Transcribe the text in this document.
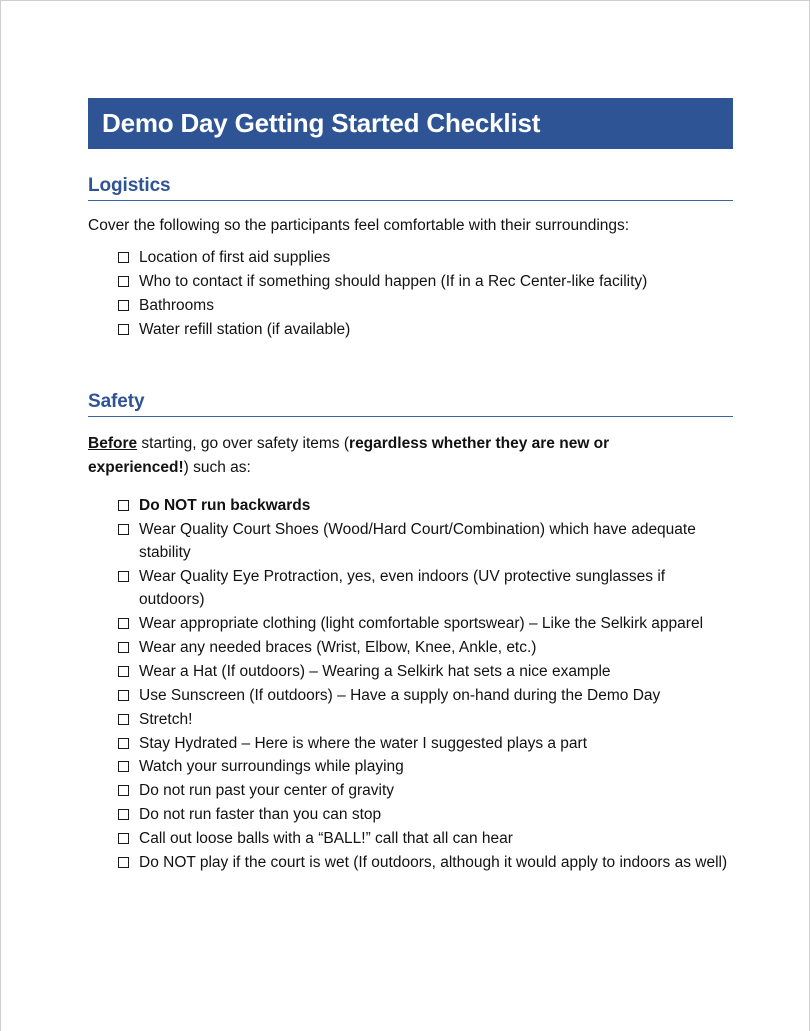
Demo Day Getting Started Checklist
Logistics
Cover the following so the participants feel comfortable with their surroundings:
Location of first aid supplies
Who to contact if something should happen (If in a Rec Center-like facility)
Bathrooms
Water refill station (if available)
Safety
Before starting, go over safety items (regardless whether they are new or experienced!) such as:
Do NOT run backwards
Wear Quality Court Shoes (Wood/Hard Court/Combination) which have adequate stability
Wear Quality Eye Protraction, yes, even indoors (UV protective sunglasses if outdoors)
Wear appropriate clothing (light comfortable sportswear) – Like the Selkirk apparel
Wear any needed braces (Wrist, Elbow, Knee, Ankle, etc.)
Wear a Hat (If outdoors) – Wearing a Selkirk hat sets a nice example
Use Sunscreen (If outdoors) – Have a supply on-hand during the Demo Day
Stretch!
Stay Hydrated – Here is where the water I suggested plays a part
Watch your surroundings while playing
Do not run past your center of gravity
Do not run faster than you can stop
Call out loose balls with a “BALL!” call that all can hear
Do NOT play if the court is wet (If outdoors, although it would apply to indoors as well)
